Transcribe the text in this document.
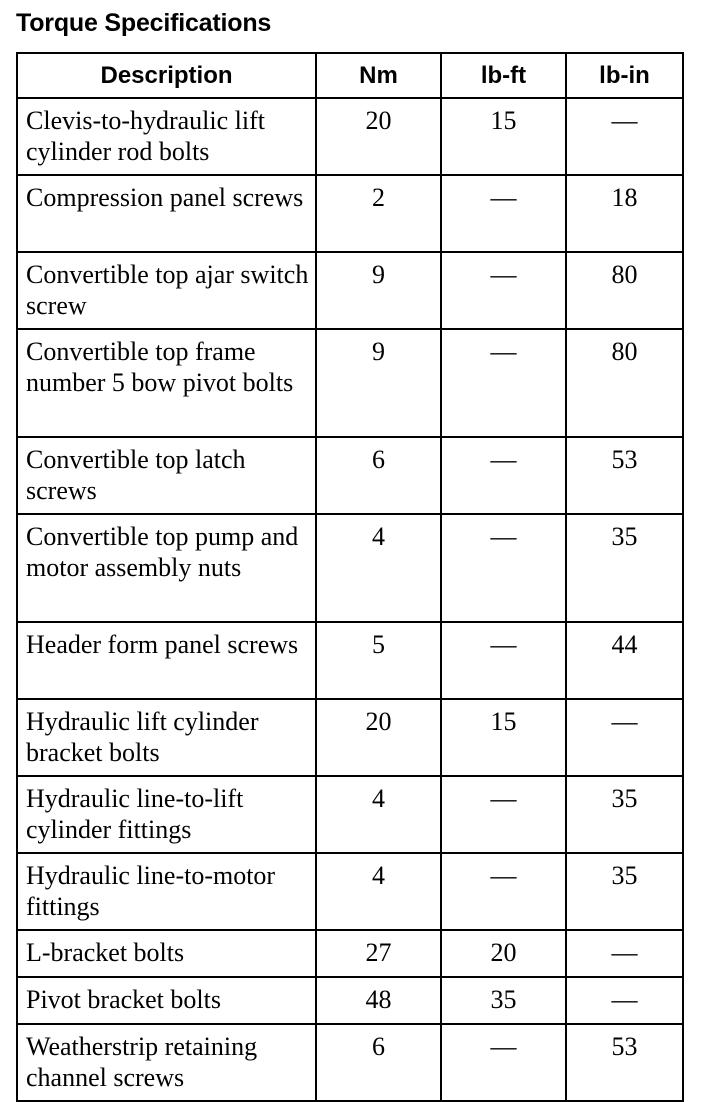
Torque Specifications
Description	Nm	lb-ft	lb-in
Clevis-to-hydraulic lift cylinder rod bolts	20	15	—
Compression panel screws	2	—	18
Convertible top ajar switch screw	9	—	80
Convertible top frame number 5 bow pivot bolts	9	—	80
Convertible top latch screws	6	—	53
Convertible top pump and motor assembly nuts	4	—	35
Header form panel screws	5	—	44
Hydraulic lift cylinder bracket bolts	20	15	—
Hydraulic line-to-lift cylinder fittings	4	—	35
Hydraulic line-to-motor fittings	4	—	35
L-bracket bolts	27	20	—
Pivot bracket bolts	48	35	—
Weatherstrip retaining channel screws	6	—	53
